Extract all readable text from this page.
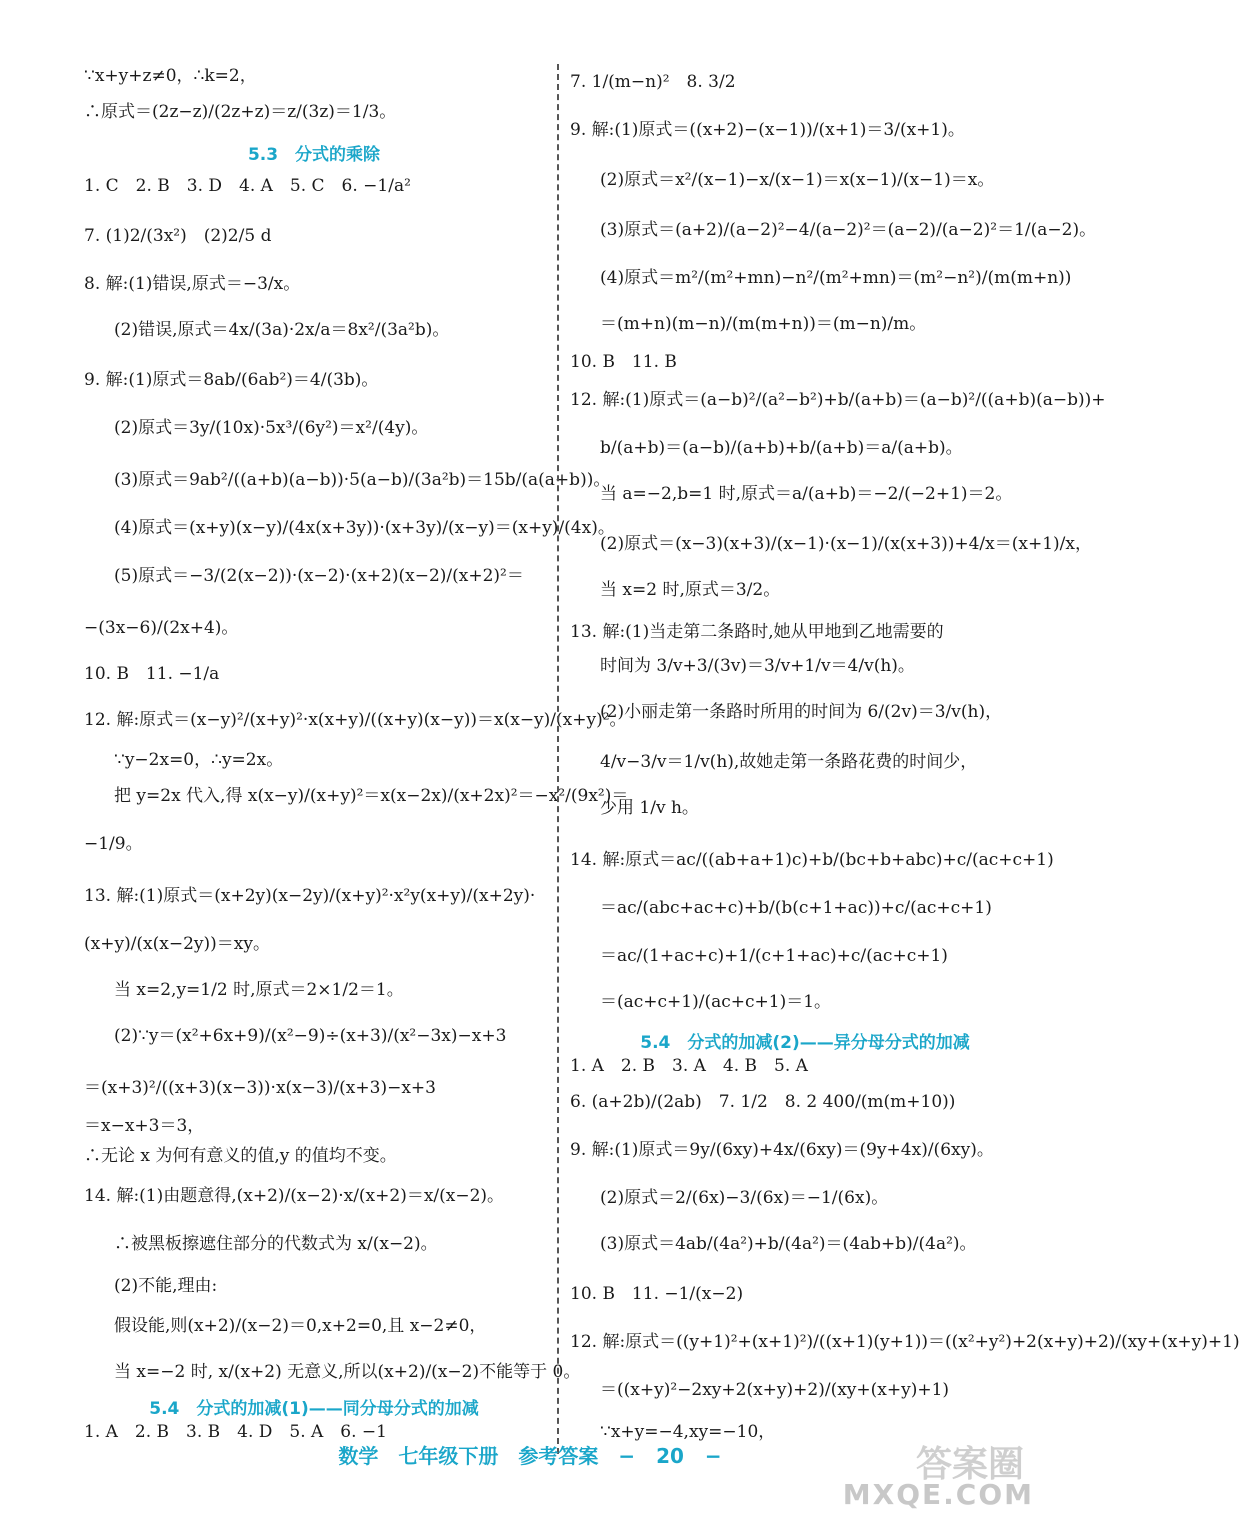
∵x+y+z≠0，∴k=2，
∴原式＝(2z−z)/(2z+z)＝z/(3z)＝1/3。
5.3　分式的乘除
1. C　2. B　3. D　4. A　5. C　6. −1/a²
7. (1)2/(3x²)　(2)2/5 d
8. 解:(1)错误,原式＝−3/x。
(2)错误,原式＝4x/(3a)·2x/a＝8x²/(3a²b)。
9. 解:(1)原式＝8ab/(6ab²)＝4/(3b)。
(2)原式＝3y/(10x)·5x³/(6y²)＝x²/(4y)。
(3)原式＝9ab²/((a+b)(a−b))·5(a−b)/(3a²b)＝15b/(a(a+b))。
(4)原式＝(x+y)(x−y)/(4x(x+3y))·(x+3y)/(x−y)＝(x+y)/(4x)。
(5)原式＝−3/(2(x−2))·(x−2)·(x+2)(x−2)/(x+2)²＝
−(3x−6)/(2x+4)。
10. B　11. −1/a
12. 解:原式＝(x−y)²/(x+y)²·x(x+y)/((x+y)(x−y))＝x(x−y)/(x+y)²。
∵y−2x=0，∴y=2x。
把 y=2x 代入,得 x(x−y)/(x+y)²＝x(x−2x)/(x+2x)²＝−x²/(9x²)＝
−1/9。
13. 解:(1)原式＝(x+2y)(x−2y)/(x+y)²·x²y(x+y)/(x+2y)·
(x+y)/(x(x−2y))＝xy。
当 x=2,y=1/2 时,原式＝2×1/2＝1。
(2)∵y＝(x²+6x+9)/(x²−9)÷(x+3)/(x²−3x)−x+3
＝(x+3)²/((x+3)(x−3))·x(x−3)/(x+3)−x+3
＝x−x+3＝3，
∴无论 x 为何有意义的值,y 的值均不变。
14. 解:(1)由题意得,(x+2)/(x−2)·x/(x+2)＝x/(x−2)。
∴被黑板擦遮住部分的代数式为 x/(x−2)。
(2)不能,理由:
假设能,则(x+2)/(x−2)＝0,x+2=0,且 x−2≠0，
当 x=−2 时, x/(x+2) 无意义,所以(x+2)/(x−2)不能等于 0。
5.4　分式的加减(1)——同分母分式的加减
1. A　2. B　3. B　4. D　5. A　6. −1
7. 1/(m−n)²　8. 3/2
9. 解:(1)原式＝((x+2)−(x−1))/(x+1)＝3/(x+1)。
(2)原式＝x²/(x−1)−x/(x−1)＝x(x−1)/(x−1)＝x。
(3)原式＝(a+2)/(a−2)²−4/(a−2)²＝(a−2)/(a−2)²＝1/(a−2)。
(4)原式＝m²/(m²+mn)−n²/(m²+mn)＝(m²−n²)/(m(m+n))
＝(m+n)(m−n)/(m(m+n))＝(m−n)/m。
10. B　11. B
12. 解:(1)原式＝(a−b)²/(a²−b²)+b/(a+b)＝(a−b)²/((a+b)(a−b))+
b/(a+b)＝(a−b)/(a+b)+b/(a+b)＝a/(a+b)。
当 a=−2,b=1 时,原式＝a/(a+b)＝−2/(−2+1)＝2。
(2)原式＝(x−3)(x+3)/(x−1)·(x−1)/(x(x+3))+4/x＝(x+1)/x，
当 x=2 时,原式＝3/2。
13. 解:(1)当走第二条路时,她从甲地到乙地需要的
时间为 3/v+3/(3v)＝3/v+1/v＝4/v(h)。
(2)小丽走第一条路时所用的时间为 6/(2v)＝3/v(h)，
4/v−3/v＝1/v(h),故她走第一条路花费的时间少，
少用 1/v h。
14. 解:原式＝ac/((ab+a+1)c)+b/(bc+b+abc)+c/(ac+c+1)
＝ac/(abc+ac+c)+b/(b(c+1+ac))+c/(ac+c+1)
＝ac/(1+ac+c)+1/(c+1+ac)+c/(ac+c+1)
＝(ac+c+1)/(ac+c+1)＝1。
5.4　分式的加减(2)——异分母分式的加减
1. A　2. B　3. A　4. B　5. A
6. (a+2b)/(2ab)　7. 1/2　8. 2 400/(m(m+10))
9. 解:(1)原式＝9y/(6xy)+4x/(6xy)＝(9y+4x)/(6xy)。
(2)原式＝2/(6x)−3/(6x)＝−1/(6x)。
(3)原式＝4ab/(4a²)+b/(4a²)＝(4ab+b)/(4a²)。
10. B　11. −1/(x−2)
12. 解:原式＝((y+1)²+(x+1)²)/((x+1)(y+1))＝((x²+y²)+2(x+y)+2)/(xy+(x+y)+1)
＝((x+y)²−2xy+2(x+y)+2)/(xy+(x+y)+1)
∵x+y=−4,xy=−10，
数学　七年级下册　参考答案　− 20 −	答案圈
MXQE.COM
